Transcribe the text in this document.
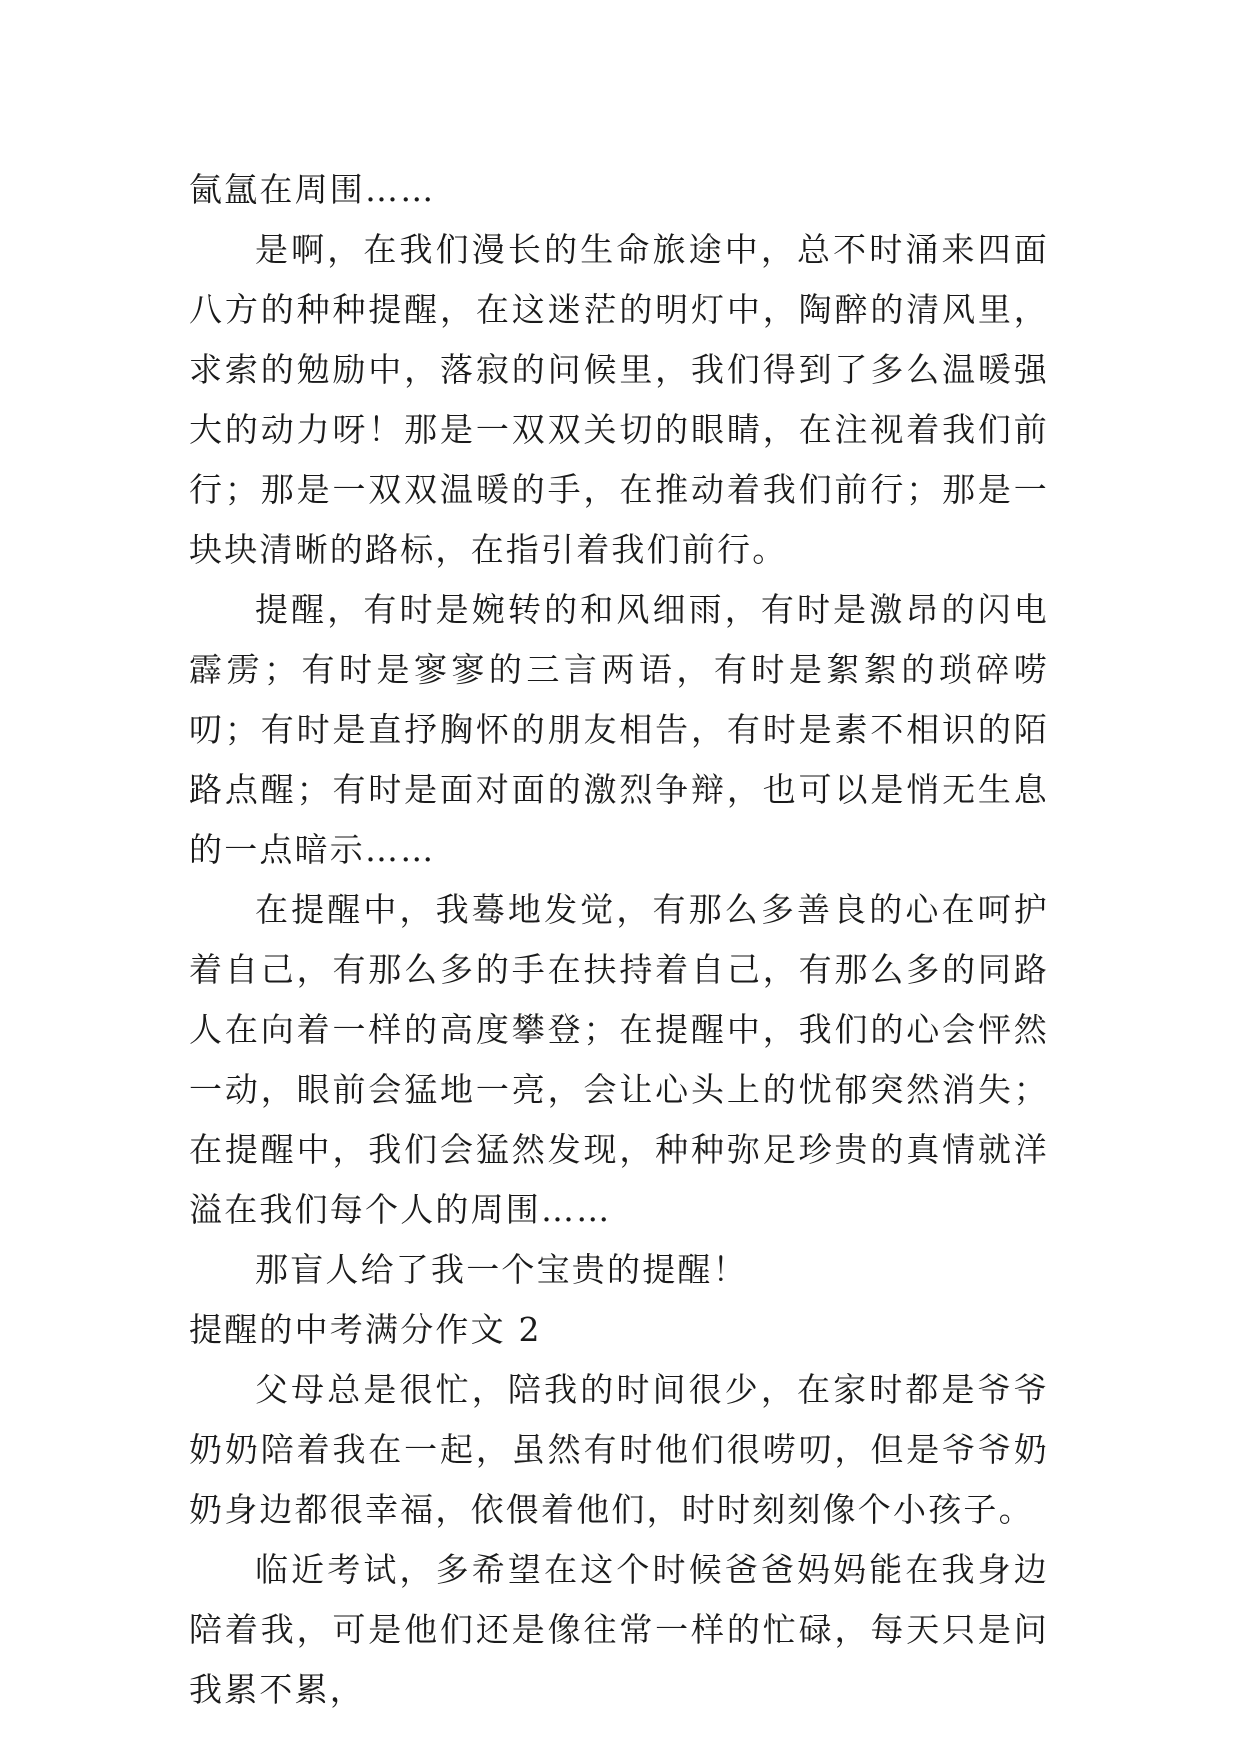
氤氲在周围……

是啊，在我们漫长的生命旅途中，总不时涌来四面八方的种种提醒，在这迷茫的明灯中，陶醉的清风里，求索的勉励中，落寂的问候里，我们得到了多么温暖强大的动力呀！那是一双双关切的眼睛，在注视着我们前行；那是一双双温暖的手，在推动着我们前行；那是一块块清晰的路标，在指引着我们前行。

提醒，有时是婉转的和风细雨，有时是激昂的闪电霹雳；有时是寥寥的三言两语，有时是絮絮的琐碎唠叨；有时是直抒胸怀的朋友相告，有时是素不相识的陌路点醒；有时是面对面的激烈争辩，也可以是悄无生息的一点暗示……

在提醒中，我蓦地发觉，有那么多善良的心在呵护着自己，有那么多的手在扶持着自己，有那么多的同路人在向着一样的高度攀登；在提醒中，我们的心会怦然一动，眼前会猛地一亮，会让心头上的忧郁突然消失；在提醒中，我们会猛然发现，种种弥足珍贵的真情就洋溢在我们每个人的周围……

那盲人给了我一个宝贵的提醒！

提醒的中考满分作文 2

父母总是很忙，陪我的时间很少，在家时都是爷爷奶奶陪着我在一起，虽然有时他们很唠叨，但是爷爷奶奶身边都很幸福，依偎着他们，时时刻刻像个小孩子。

临近考试，多希望在这个时候爸爸妈妈能在我身边陪着我，可是他们还是像往常一样的忙碌，每天只是问我累不累，
